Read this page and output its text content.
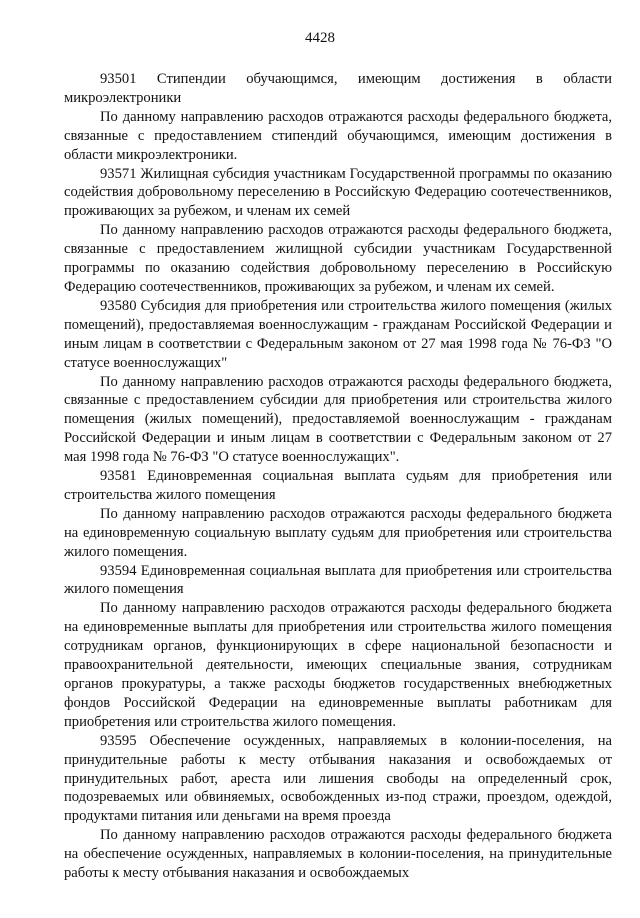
4428

93501 Стипендии обучающимся, имеющим достижения в области микроэлектроники

По данному направлению расходов отражаются расходы федерального бюджета, связанные с предоставлением стипендий обучающимся, имеющим достижения в области микроэлектроники.

93571 Жилищная субсидия участникам Государственной программы по оказанию содействия добровольному переселению в Российскую Федерацию соотечественников, проживающих за рубежом, и членам их семей

По данному направлению расходов отражаются расходы федерального бюджета, связанные с предоставлением жилищной субсидии участникам Государственной программы по оказанию содействия добровольному переселению в Российскую Федерацию соотечественников, проживающих за рубежом, и членам их семей.

93580 Субсидия для приобретения или строительства жилого помещения (жилых помещений), предоставляемая военнослужащим - гражданам Российской Федерации и иным лицам в соответствии с Федеральным законом от 27 мая 1998 года № 76-ФЗ "О статусе военнослужащих"

По данному направлению расходов отражаются расходы федерального бюджета, связанные с предоставлением субсидии для приобретения или строительства жилого помещения (жилых помещений), предоставляемой военнослужащим - гражданам Российской Федерации и иным лицам в соответствии с Федеральным законом от 27 мая 1998 года № 76-ФЗ "О статусе военнослужащих".

93581 Единовременная социальная выплата судьям для приобретения или строительства жилого помещения

По данному направлению расходов отражаются расходы федерального бюджета на единовременную социальную выплату судьям для приобретения или строительства жилого помещения.

93594 Единовременная социальная выплата для приобретения или строительства жилого помещения

По данному направлению расходов отражаются расходы федерального бюджета на единовременные выплаты для приобретения или строительства жилого помещения сотрудникам органов, функционирующих в сфере национальной безопасности и правоохранительной деятельности, имеющих специальные звания, сотрудникам органов прокуратуры, а также расходы бюджетов государственных внебюджетных фондов Российской Федерации на единовременные выплаты работникам для приобретения или строительства жилого помещения.

93595 Обеспечение осужденных, направляемых в колонии-поселения, на принудительные работы к месту отбывания наказания и освобождаемых от принудительных работ, ареста или лишения свободы на определенный срок, подозреваемых или обвиняемых, освобожденных из-под стражи, проездом, одеждой, продуктами питания или деньгами на время проезда

По данному направлению расходов отражаются расходы федерального бюджета на обеспечение осужденных, направляемых в колонии-поселения, на принудительные работы к месту отбывания наказания и освобождаемых
